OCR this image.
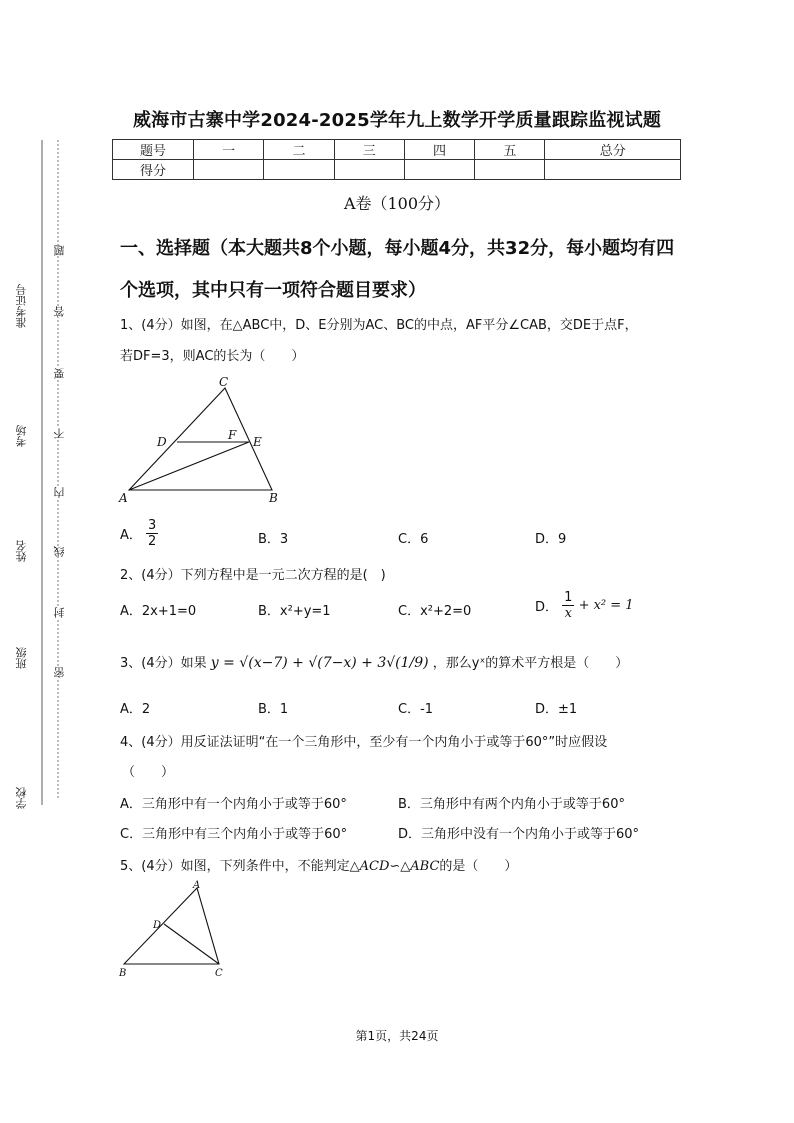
准考证号
考场
姓名
班级
学校
题
答
要
不
内
线
封
密
威海市古寨中学2024-2025学年九上数学开学质量跟踪监视试题
题号	一	二	三	四	五	总分
得分						
A卷（100分）
一、选择题（本大题共8个小题，每小题4分，共32分，每小题均有四个选项，其中只有一项符合题目要求）
1、(4分）如图，在△ABC中，D、E分别为AC、BC的中点，AF平分∠CAB，交DE于点F，
若DF=3，则AC的长为（　　）
C
D	F E
A	B
A． $\frac{3}{2}$	B．3	C．6	D．9
2、(4分）下列方程中是一元二次方程的是(　)
A．2x+1=0	B．x²+y=1	C．x²+2=0	D． $\frac{1}{x} + x^2 = 1$
3、(4分）如果 y = √(x−7) + √(7−x) + 3√(1/9) ，那么yˣ的算术平方根是（　　）
A．2	B．1	C．-1	D．±1
4、(4分）用反证法证明“在一个三角形中，至少有一个内角小于或等于60°”时应假设
（　　）
A．三角形中有一个内角小于或等于60°	B．三角形中有两个内角小于或等于60°
C．三角形中有三个内角小于或等于60°	D．三角形中没有一个内角小于或等于60°
5、(4分）如图，下列条件中，不能判定△ACD∽△ABC的是（　　）
A
D
B	C
第1页，共24页
